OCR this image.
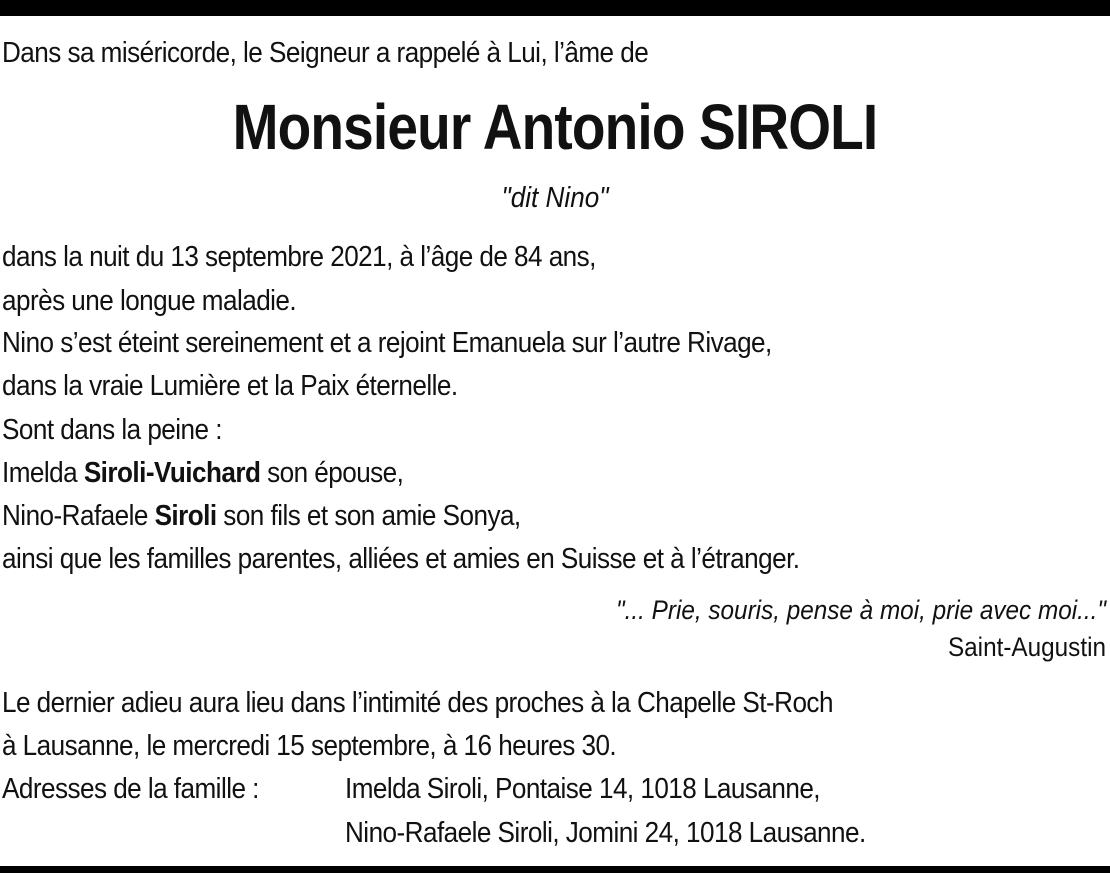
Dans sa miséricorde, le Seigneur a rappelé à Lui, l’âme de
Monsieur Antonio SIROLI
"dit Nino"
dans la nuit du 13 septembre 2021, à l’âge de 84 ans,
après une longue maladie.
Nino s’est éteint sereinement et a rejoint Emanuela sur l’autre Rivage,
dans la vraie Lumière et la Paix éternelle.
Sont dans la peine :
Imelda Siroli-Vuichard son épouse,
Nino-Rafaele Siroli son fils et son amie Sonya,
ainsi que les familles parentes, alliées et amies en Suisse et à l’étranger.
"... Prie, souris, pense à moi, prie avec moi..."
Saint-Augustin
Le dernier adieu aura lieu dans l’intimité des proches à la Chapelle St-Roch
à Lausanne, le mercredi 15 septembre, à 16 heures 30.
Adresses de la famille :	Imelda Siroli, Pontaise 14, 1018 Lausanne,
Nino-Rafaele Siroli, Jomini 24, 1018 Lausanne.
